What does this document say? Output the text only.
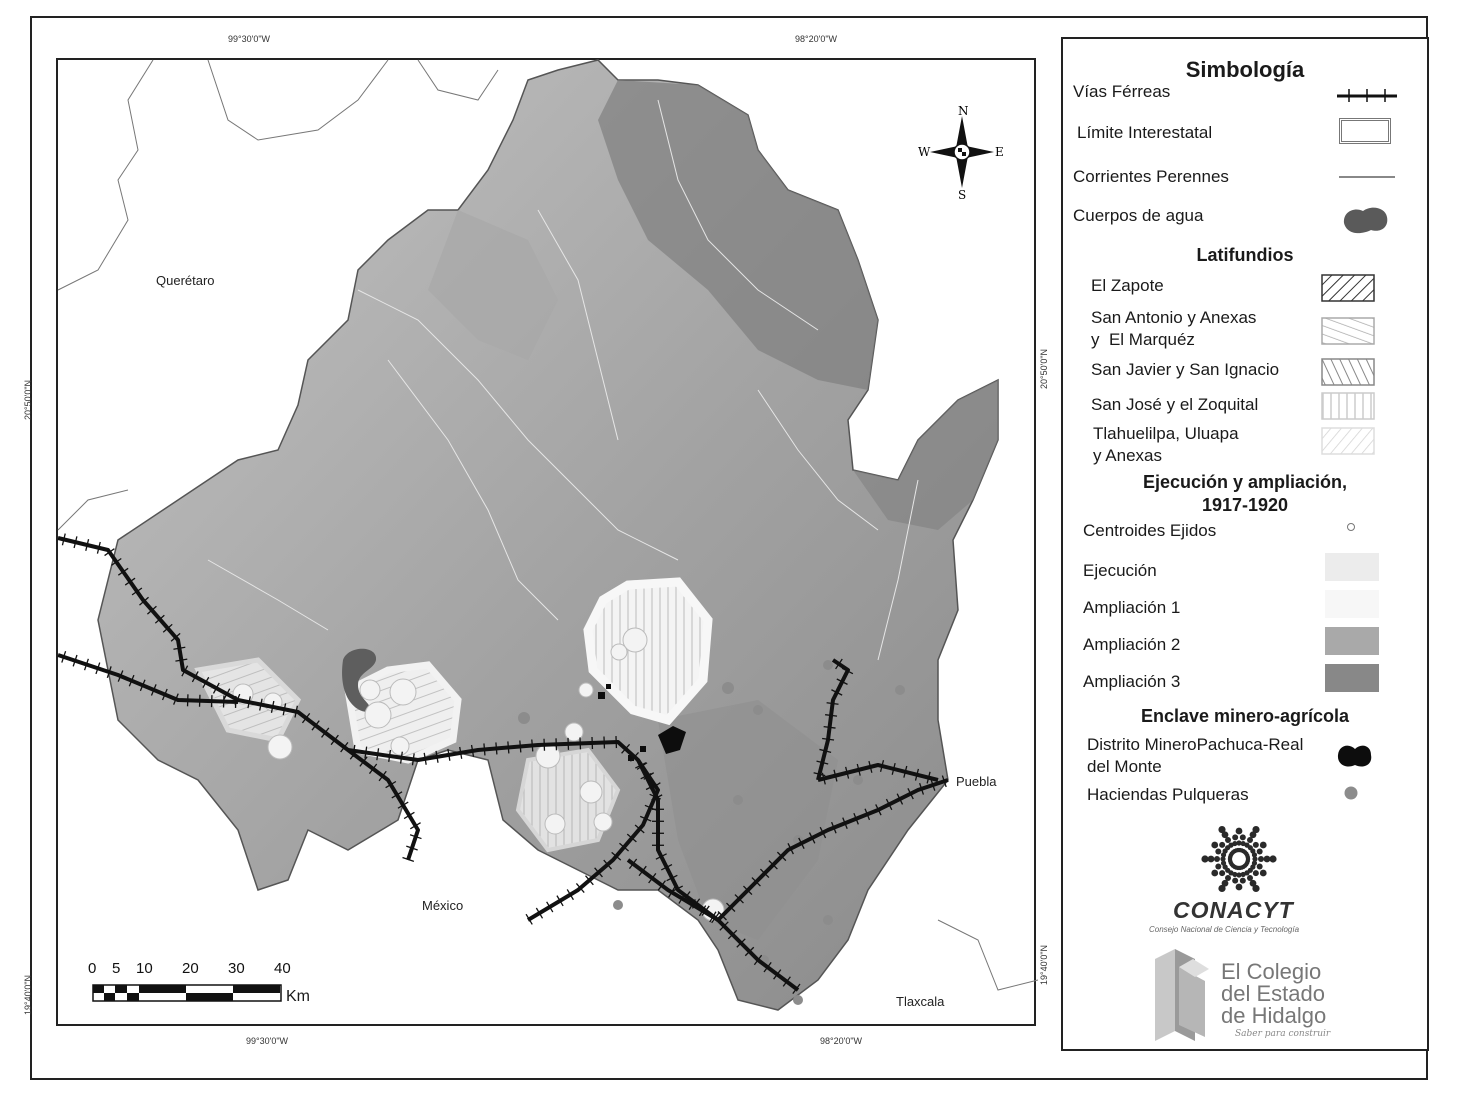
99°30'0"W	98°20'0"W
99°30'0"W	98°20'0"W
20°50'0"N
19°40'0"N
20°50'0"N
19°40'0"N
Querétaro
Puebla
México
Tlaxcala
N
S
W	E
0 5 10 20 30 40
Km
Simbología
Vías Férreas
Límite Interestatal
Corrientes Perennes
Cuerpos de agua
Latifundios
El Zapote
San Antonio y Anexas
y  El Marquéz
San Javier y San Ignacio
San José y el Zoquital
Tlahuelilpa, Uluapa
y Anexas
Ejecución y ampliación,
1917-1920
Centroides Ejidos
Ejecución
Ampliación 1
Ampliación 2
Ampliación 3
Enclave minero-agrícola
Distrito MineroPachuca-Real
del Monte
Haciendas Pulqueras
CONACYT
Consejo Nacional de Ciencia y Tecnología
El Colegio
del Estado
de Hidalgo
Saber para construir
